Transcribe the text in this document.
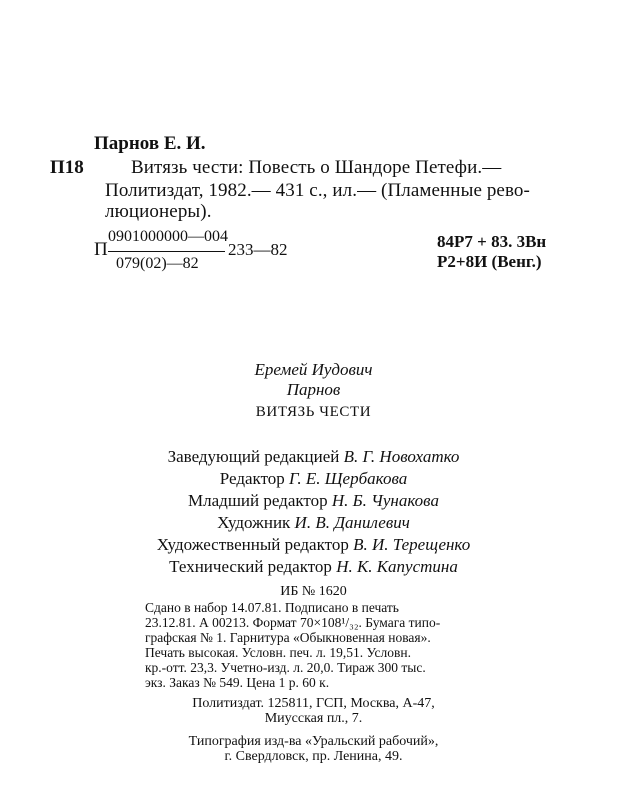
Парнов Е. И.
П18 Витязь чести: Повесть о Шандоре Петефи.—
Политиздат, 1982.— 431 с., ил.— (Пламенные рево-
люционеры).
П
0901000000—004
079(02)—82
233—82	84Р7 + 83. 3Вн
Р2+8И (Венг.)
Еремей Иудович
Парнов
ВИТЯЗЬ ЧЕСТИ
Заведующий редакцией В. Г. Новохатко
Редактор Г. Е. Щербакова
Младший редактор Н. Б. Чунакова
Художник И. В. Данилевич
Художественный редактор В. И. Терещенко
Технический редактор Н. К. Капустина
ИБ № 1620
Сдано в набор 14.07.81. Подписано в печать
23.12.81. А 00213. Формат 70×108¹/₃₂. Бумага типо-
графская № 1. Гарнитура «Обыкновенная новая».
Печать высокая. Условн. печ. л. 19,51. Условн.
кр.-отт. 23,3. Учетно-изд. л. 20,0. Тираж 300 тыс.
экз. Заказ № 549. Цена 1 р. 60 к.
Политиздат. 125811, ГСП, Москва, А-47,
Миусская пл., 7.
Типография изд-ва «Уральский рабочий»,
г. Свердловск, пр. Ленина, 49.
